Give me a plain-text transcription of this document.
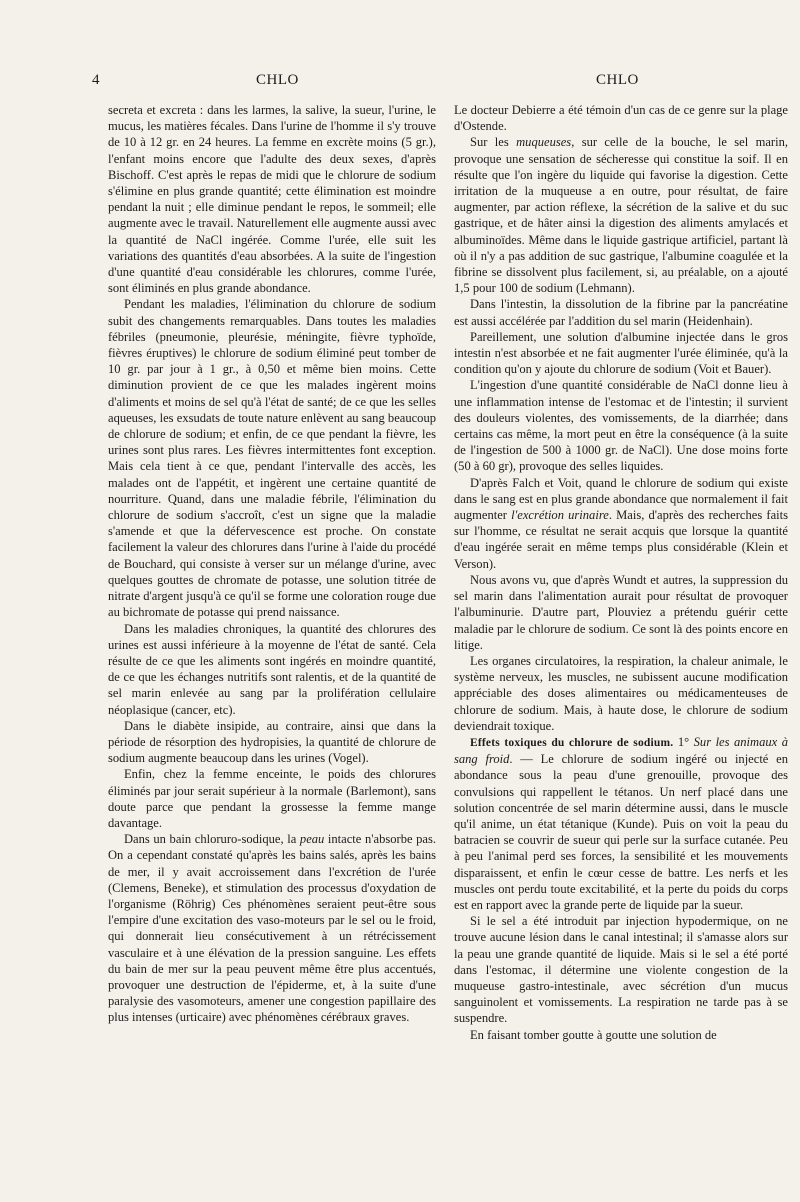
4	CHLO	CHLO

secreta et excreta : dans les larmes, la salive, la sueur, l'urine, le mucus, les matières fécales. Dans l'urine de l'homme il s'y trouve de 10 à 12 gr. en 24 heures. La femme en excrète moins (5 gr.), l'enfant moins encore que l'adulte des deux sexes, d'après Bischoff. C'est après le repas de midi que le chlorure de sodium s'élimine en plus grande quantité; cette élimination est moindre pendant la nuit ; elle diminue pendant le repos, le sommeil; elle augmente avec le travail. Naturellement elle augmente aussi avec la quantité de NaCl ingérée. Comme l'urée, elle suit les variations des quantités d'eau absorbées. A la suite de l'ingestion d'une quantité d'eau considérable les chlorures, comme l'urée, sont éliminés en plus grande abondance.

Pendant les maladies, l'élimination du chlorure de sodium subit des changements remarquables. Dans toutes les maladies fébriles (pneumonie, pleurésie, méningite, fièvre typhoïde, fièvres éruptives) le chlorure de sodium éliminé peut tomber de 10 gr. par jour à 1 gr., à 0,50 et même bien moins. Cette diminution provient de ce que les malades ingèrent moins d'aliments et moins de sel qu'à l'état de santé; de ce que les selles aqueuses, les exsudats de toute nature enlèvent au sang beaucoup de chlorure de sodium; et enfin, de ce que pendant la fièvre, les urines sont plus rares. Les fièvres intermittentes font exception. Mais cela tient à ce que, pendant l'intervalle des accès, les malades ont de l'appétit, et ingèrent une certaine quantité de nourriture. Quand, dans une maladie fébrile, l'élimination du chlorure de sodium s'accroît, c'est un signe que la maladie s'amende et que la défervescence est proche. On constate facilement la valeur des chlorures dans l'urine à l'aide du procédé de Bouchard, qui consiste à verser sur un mélange d'urine, avec quelques gouttes de chromate de potasse, une solution titrée de nitrate d'argent jusqu'à ce qu'il se forme une coloration rouge due au bichromate de potasse qui prend naissance.

Dans les maladies chroniques, la quantité des chlorures des urines est aussi inférieure à la moyenne de l'état de santé. Cela résulte de ce que les aliments sont ingérés en moindre quantité, de ce que les échanges nutritifs sont ralentis, et de la quantité de sel marin enlevée au sang par la prolifération cellulaire néoplasique (cancer, etc).

Dans le diabète insipide, au contraire, ainsi que dans la période de résorption des hydropisies, la quantité de chlorure de sodium augmente beaucoup dans les urines (Vogel).

Enfin, chez la femme enceinte, le poids des chlorures éliminés par jour serait supérieur à la normale (Barlemont), sans doute parce que pendant la grossesse la femme mange davantage.

Dans un bain chloruro-sodique, la peau intacte n'absorbe pas. On a cependant constaté qu'après les bains salés, après les bains de mer, il y avait accroissement dans l'excrétion de l'urée (Clemens, Beneke), et stimulation des processus d'oxydation de l'organisme (Röhrig) Ces phénomènes seraient peut-être sous l'empire d'une excitation des vaso-moteurs par le sel ou le froid, qui donnerait lieu consécutivement à un rétrécissement vasculaire et à une élévation de la pression sanguine. Les effets du bain de mer sur la peau peuvent même être plus accentués, provoquer une destruction de l'épiderme, et, à la suite d'une paralysie des vasomoteurs, amener une congestion papillaire des plus intenses (urticaire) avec phénomènes cérébraux graves.

Le docteur Debierre a été témoin d'un cas de ce genre sur la plage d'Ostende.

Sur les muqueuses, sur celle de la bouche, le sel marin, provoque une sensation de sécheresse qui constitue la soif. Il en résulte que l'on ingère du liquide qui favorise la digestion. Cette irritation de la muqueuse a en outre, pour résultat, de faire augmenter, par action réflexe, la sécrétion de la salive et du suc gastrique, et de hâter ainsi la digestion des aliments amylacés et albuminoïdes. Même dans le liquide gastrique artificiel, partant là où il n'y a pas addition de suc gastrique, l'albumine coagulée et la fibrine se dissolvent plus facilement, si, au préalable, on a ajouté 1,5 pour 100 de sodium (Lehmann).

Dans l'intestin, la dissolution de la fibrine par la pancréatine est aussi accélérée par l'addition du sel marin (Heidenhain).

Pareillement, une solution d'albumine injectée dans le gros intestin n'est absorbée et ne fait augmenter l'urée éliminée, qu'à la condition qu'on y ajoute du chlorure de sodium (Voit et Bauer).

L'ingestion d'une quantité considérable de NaCl donne lieu à une inflammation intense de l'estomac et de l'intestin; il survient des douleurs violentes, des vomissements, de la diarrhée; dans certains cas même, la mort peut en être la conséquence (à la suite de l'ingestion de 500 à 1000 gr. de NaCl). Une dose moins forte (50 à 60 gr), provoque des selles liquides.

D'après Falch et Voit, quand le chlorure de sodium qui existe dans le sang est en plus grande abondance que normalement il fait augmenter l'excrétion urinaire. Mais, d'après des recherches faits sur l'homme, ce résultat ne serait acquis que lorsque la quantité d'eau ingérée serait en même temps plus considérable (Klein et Verson).

Nous avons vu, que d'après Wundt et autres, la suppression du sel marin dans l'alimentation aurait pour résultat de provoquer l'albuminurie. D'autre part, Plouviez a prétendu guérir cette maladie par le chlorure de sodium. Ce sont là des points encore en litige.

Les organes circulatoires, la respiration, la chaleur animale, le système nerveux, les muscles, ne subissent aucune modification appréciable des doses alimentaires ou médicamenteuses de chlorure de sodium. Mais, à haute dose, le chlorure de sodium deviendrait toxique.

Effets toxiques du chlorure de sodium. 1° Sur les animaux à sang froid. — Le chlorure de sodium ingéré ou injecté en abondance sous la peau d'une grenouille, provoque des convulsions qui rappellent le tétanos. Un nerf placé dans une solution concentrée de sel marin détermine aussi, dans le muscle qu'il anime, un état tétanique (Kunde). Puis on voit la peau du batracien se couvrir de sueur qui perle sur la surface cutanée. Peu à peu l'animal perd ses forces, la sensibilité et les mouvements disparaissent, et enfin le cœur cesse de battre. Les nerfs et les muscles ont perdu toute excitabilité, et la perte du poids du corps est en rapport avec la grande perte de liquide par la sueur.

Si le sel a été introduit par injection hypodermique, on ne trouve aucune lésion dans le canal intestinal; il s'amasse alors sur la peau une grande quantité de liquide. Mais si le sel a été porté dans l'estomac, il détermine une violente congestion de la muqueuse gastro-intestinale, avec sécrétion d'un mucus sanguinolent et vomissements. La respiration ne tarde pas à se suspendre.

En faisant tomber goutte à goutte une solution de
